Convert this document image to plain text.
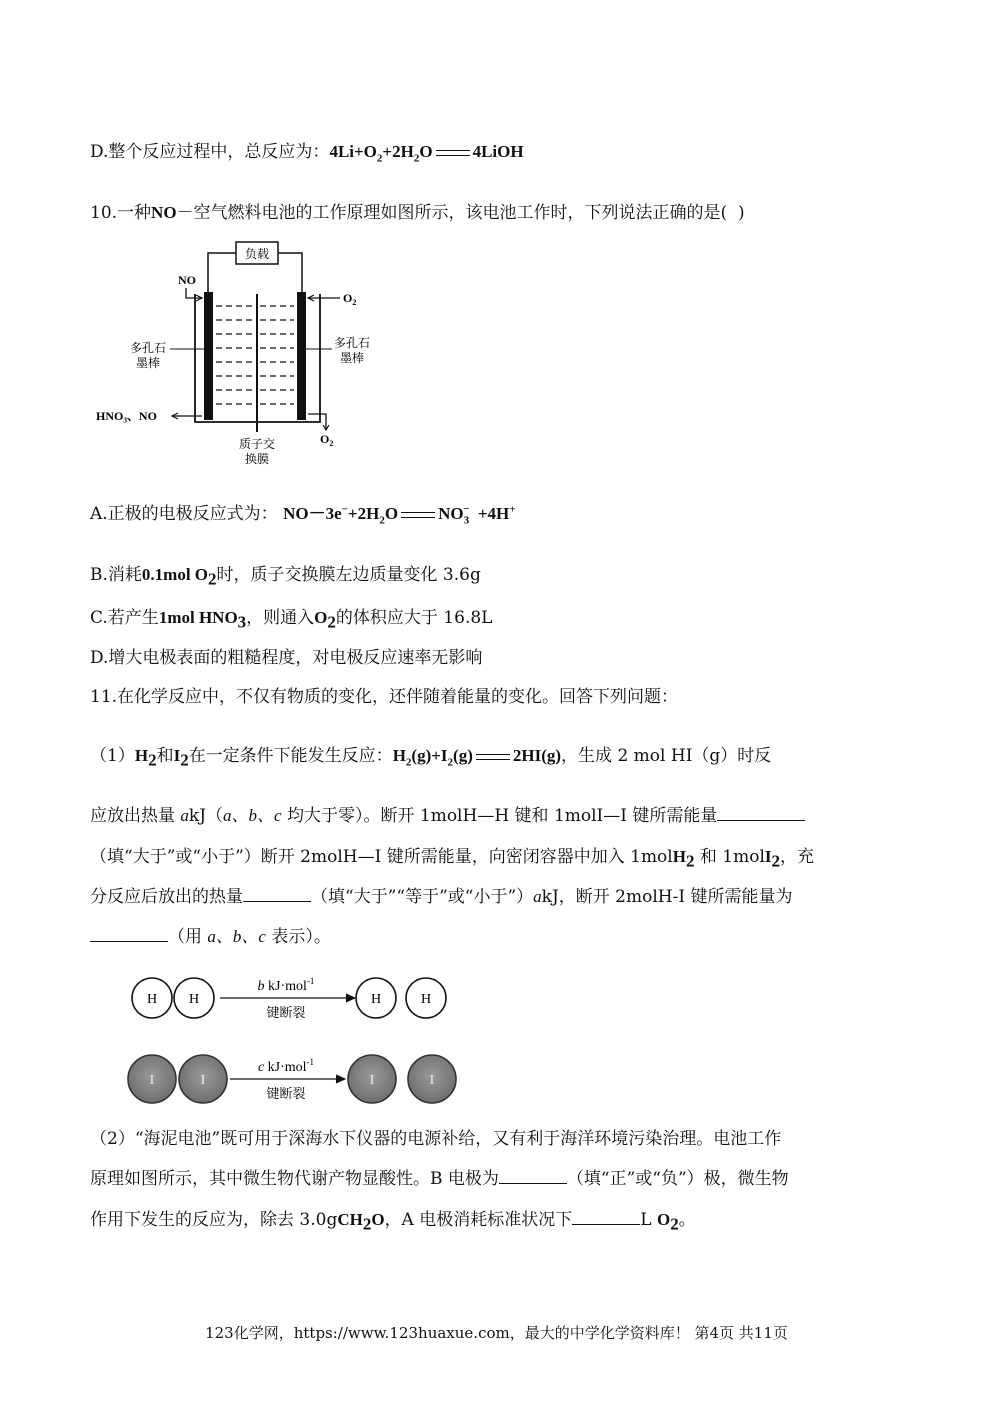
D.整个反应过程中，总反应为：$4Li+O_2+2H_2O$ 4LiOH
10.一种NO－空气燃料电池的工作原理如图所示，该电池工作时，下列说法正确的是( )
负载
NO
$O_2$
多孔石
墨棒
多孔石
墨棒
HNO₃、NO
$O_2$
质子交
换膜
A.正极的电极反应式为： $NO-3e^-+2H_2O$ $NO_3^- +4H^+$
B.消耗0.1mol $O_2$时，质子交换膜左边质量变化 3.6g
C.若产生1mol $HNO_3$，则通入$O_2$的体积应大于 16.8L
D.增大电极表面的粗糙程度，对电极反应速率无影响
11.在化学反应中，不仅有物质的变化，还伴随着能量的变化。回答下列问题：
$(1)H_2$和$I_2$在一定条件下能发生反应：$H_2(g)+I_2(g)$ 2HI(g)，生成 2 mol HI（g）时反
应放出热量 akJ（a、b、c 均大于零）。断开 1molH—H 键和 1molI—I 键所需能量
（填“大于”或“小于”）断开 2molH—I 键所需能量，向密闭容器中加入 1molH$_2$ 和 1molI$_2$，充
分反应后放出的热量	（填“大于”“等于”或“小于”）akJ，断开 2molH-I 键所需能量为
（用 a、b、c 表示）。
H H
b kJ·mol$^{-1}$
键断裂
H	H
I	I
c kJ·mol$^{-1}$
键断裂
I	I
（2）“海泥电池”既可用于深海水下仪器的电源补给，又有利于海洋环境污染治理。电池工作
原理如图所示，其中微生物代谢产物显酸性。B 电极为	（填“正”或“负”）极，微生物
作用下发生的反应为，除去 3.0gCH$_2$O，A 电极消耗标准状况下	L $O_2$。
123化学网，https://www.123huaxue.com，最大的中学化学资料库！ 第4页 共11页
